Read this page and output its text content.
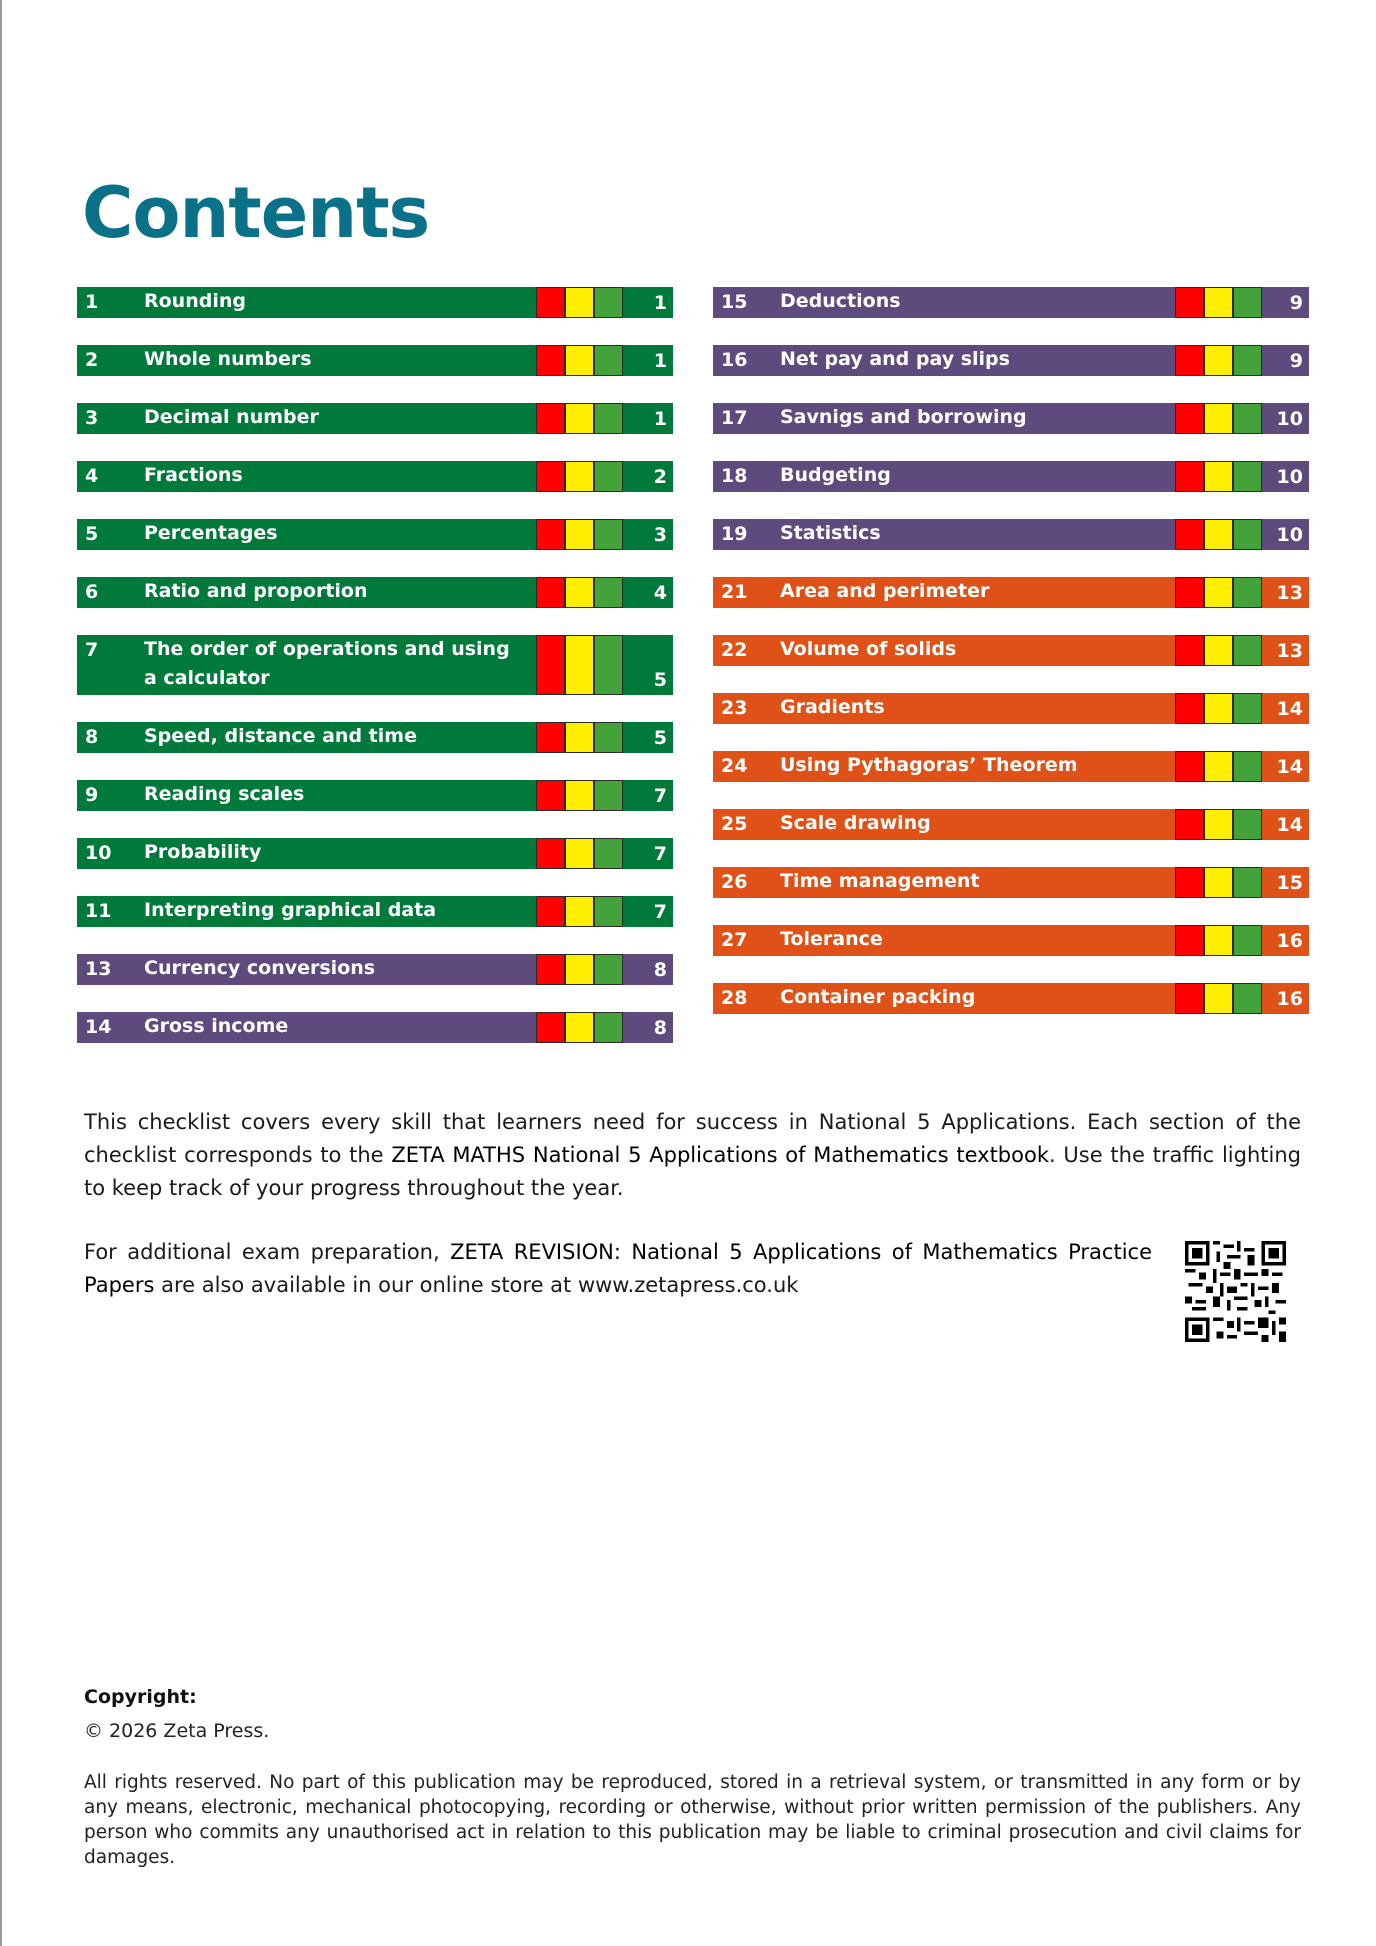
Contents
1 Rounding	1
2 Whole numbers	1
3 Decimal number	1
4 Fractions	2
5 Percentages	3
6 Ratio and proportion	4
7 The order of operations and using
a calculator	5
8 Speed, distance and time	5
9 Reading scales	7
10 Probability	7
11 Interpreting graphical data	7
13 Currency conversions	8
14 Gross income	8
15 Deductions	9
16 Net pay and pay slips	9
17 Savnigs and borrowing	10
18 Budgeting	10
19 Statistics	10
21 Area and perimeter	13
22 Volume of solids	13
23 Gradients	14
24 Using Pythagoras’ Theorem	14
25 Scale drawing	14
26 Time management	15
27 Tolerance	16
28 Container packing	16

This checklist covers every skill that learners need for success in National 5 Applications. Each section of the checklist corresponds to the ZETA MATHS National 5 Applications of Mathematics textbook. Use the traffic lighting to keep track of your progress throughout the year.

For additional exam preparation, ZETA REVISION: National 5 Applications of Mathematics Practice Papers are also available in our online store at www.zetapress.co.uk

Copyright:
© 2026 Zeta Press.

All rights reserved. No part of this publication may be reproduced, stored in a retrieval system, or transmitted in any form or by any means, electronic, mechanical photocopying, recording or otherwise, without prior written permission of the publishers. Any person who commits any unauthorised act in relation to this publication may be liable to criminal prosecution and civil claims for damages.
